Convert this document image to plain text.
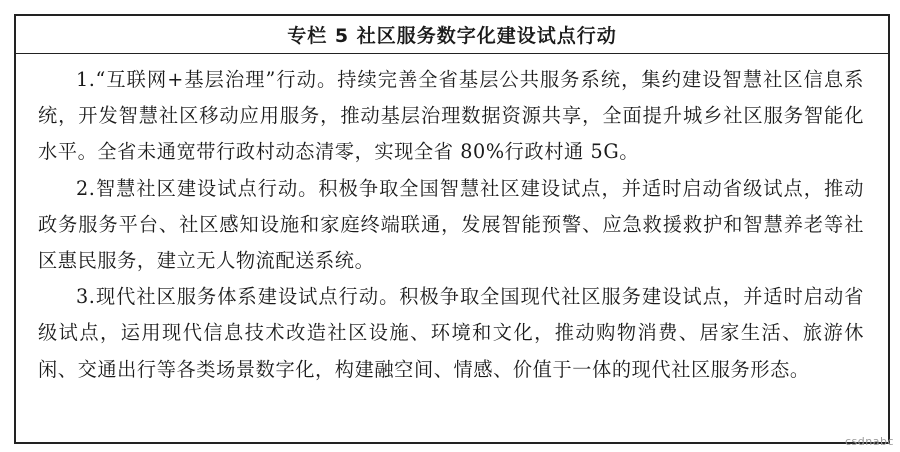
专栏 5 社区服务数字化建设试点行动

1.“互联网+基层治理”行动。持续完善全省基层公共服务系统，集约建设智慧社区信息系统，开发智慧社区移动应用服务，推动基层治理数据资源共享，全面提升城乡社区服务智能化水平。全省未通宽带行政村动态清零，实现全省 80%行政村通 5G。

2.智慧社区建设试点行动。积极争取全国智慧社区建设试点，并适时启动省级试点，推动政务服务平台、社区感知设施和家庭终端联通，发展智能预警、应急救援救护和智慧养老等社区惠民服务，建立无人物流配送系统。

3.现代社区服务体系建设试点行动。积极争取全国现代社区服务建设试点，并适时启动省级试点，运用现代信息技术改造社区设施、环境和文化，推动购物消费、居家生活、旅游休闲、交通出行等各类场景数字化，构建融空间、情感、价值于一体的现代社区服务形态。

csdnabc
